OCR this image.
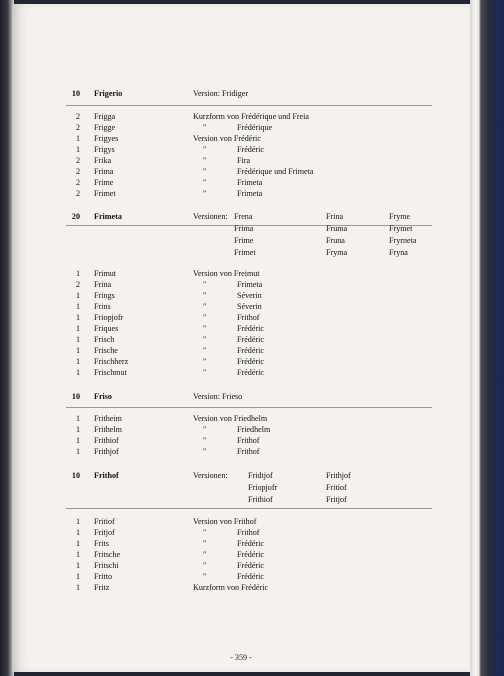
10 Frigerio	Version: Fridiger
2 Frigga	Kurzform von Frédérique und Freia
2 Frigge	"	Frédérique
1 Frigyes	Version von Frédéric
1 Frigys	"	Frédéric
2 Frika	"	Fira
2 Frima	"	Frédérique und Frimeta
2 Frime	"	Frimeta
2 Frimet	"	Frimeta
20 Frimeta	Versionen: Frena	Frina	Fryme
Frima	Fruma	Frymet
Frime	Fruna	Fryrneta
Frimet	Fryma	Fryna
1 Frimut	Version von Freimut
2 Frina	"	Frimeta
1 Frings	"	Séverin
1 Frins	"	Séverin
1 Friopjofr	"	Frithof
1 Friques	"	Frédéric
1 Frisch	"	Frédéric
1 Frische	"	Frédéric
1 Frischherz	"	Frédéric
1 Frischmut	"	Frédéric
10 Friso	Version: Frieso
1 Fritheim	Version von Friedhelm
1 Frithelm	"	Friedhelm
1 Frithiof	"	Frithof
1 Frithjof	"	Frithof
10 Frithof	Versionen:	Fridtjof	Frithjof
Friopjofr	Fritiof
Frithiof	Fritjof
1 Fritiof	Version von Frithof
1 Fritjof	"	Frithof
1 Frits	"	Frédéric
1 Fritsche	"	Frédéric
1 Fritschi	"	Frédéric
1 Fritto	"	Frédéric
1 Fritz	Kurzform von Frédéric
- 359 -
